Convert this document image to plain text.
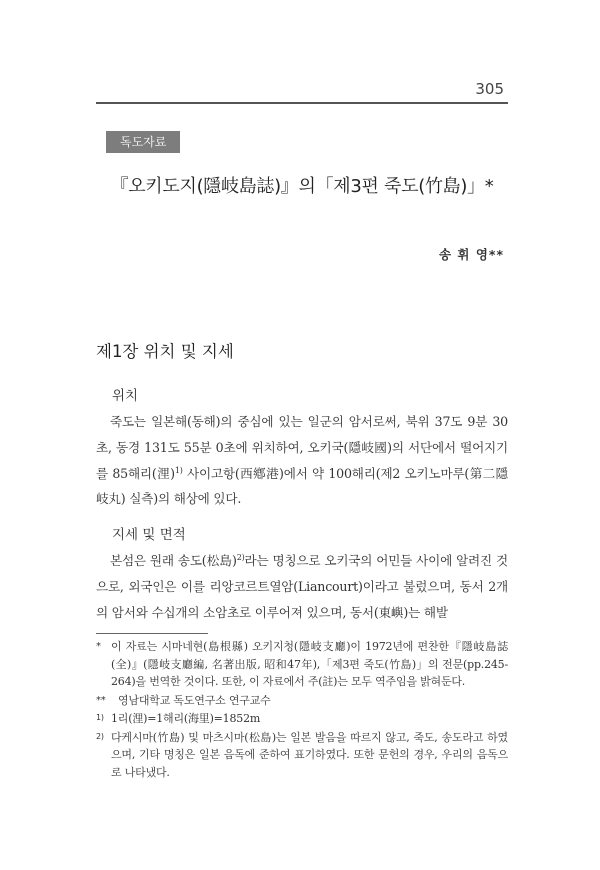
305
독도자료
『오키도지(隱岐島誌)』의「제3편 죽도(竹島)」*
송 휘 영**
제1장 위치 및 지세
위치

죽도는 일본해(동해)의 중심에 있는 일군의 암서로써, 북위 37도 9분 30초, 동경 131도 55분 0초에 위치하여, 오키국(隱岐國)의 서단에서 떨어지기를 85해리(浬)$^{1)}$ 사이고항(西鄕港)에서 약 100해리(제2 오키노마루(第二隱岐丸) 실측)의 해상에 있다.

지세 및 면적

본섬은 원래 송도(松島)$^{2)}$라는 명칭으로 오키국의 어민들 사이에 알려진 것으로, 외국인은 이를 리앙코르트열암(Liancourt)이라고 불렀으며, 동서 2개의 암서와 수십개의 소암초로 이루어져 있으며, 동서(東嶼)는 해발

* 이 자료는 시마네현(島根縣) 오키지청(隱岐支廳)이 1972년에 편찬한『隱岐島誌(全)』(隱岐支廳編, 名著出版, 昭和47年),「제3편 죽도(竹島)」의 전문(pp.245-264)을 번역한 것이다. 또한, 이 자료에서 주(註)는 모두 역주임을 밝혀둔다.
** 영남대학교 독도연구소 연구교수
1) 1리(浬)=1해리(海里)=1852m
2) 다케시마(竹島) 및 마츠시마(松島)는 일본 발음을 따르지 않고, 죽도, 송도라고 하였으며, 기타 명칭은 일본 음독에 준하여 표기하였다. 또한 문헌의 경우, 우리의 음독으로 나타냈다.
